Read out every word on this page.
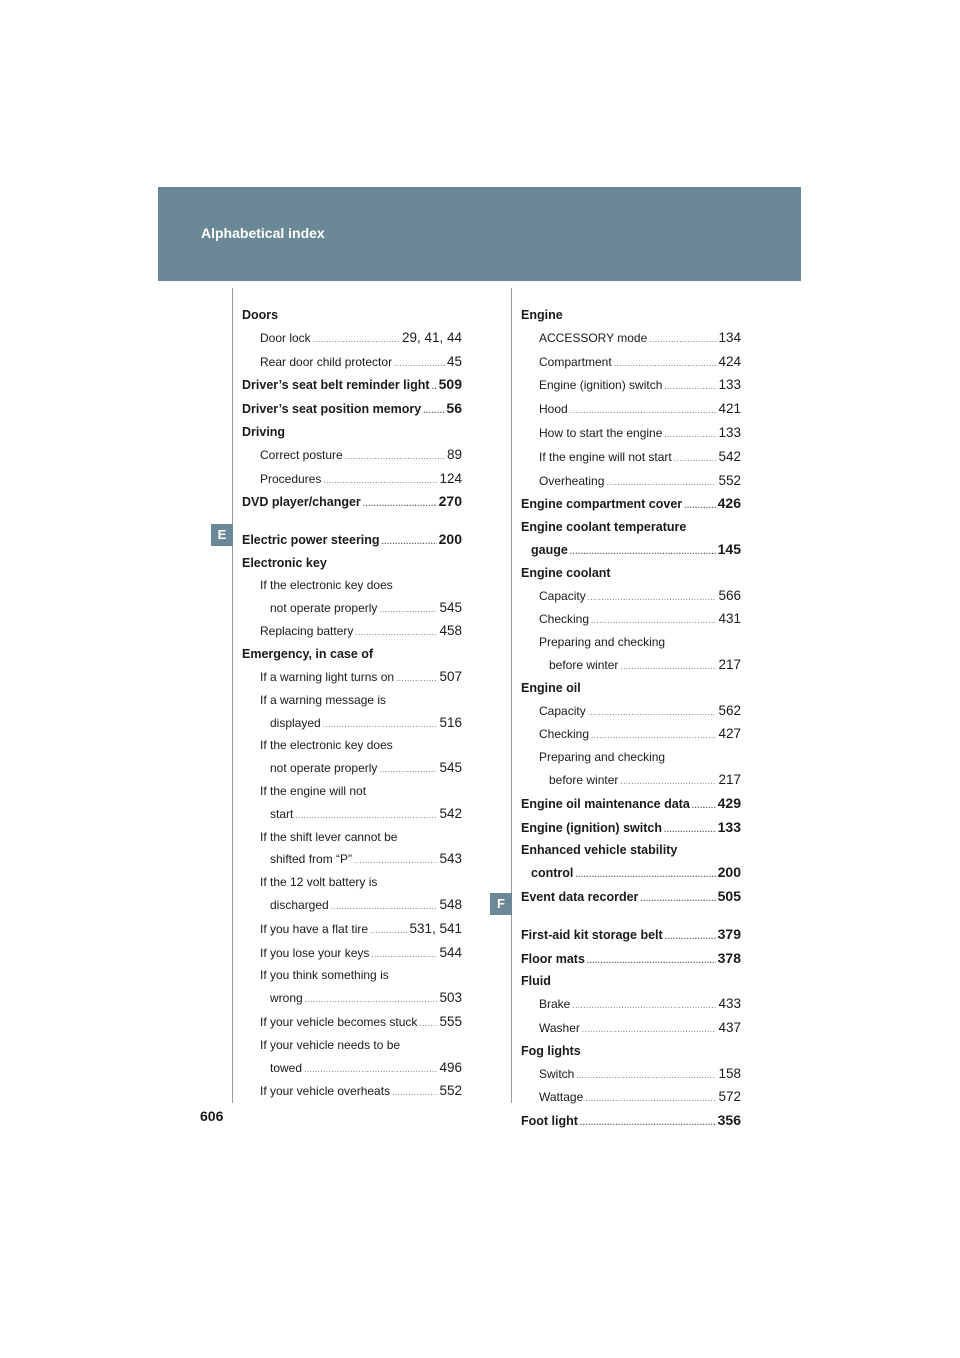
Alphabetical index
E
F
Doors
Door lock .....	29, 41, 44
Rear door child protector .....	45
Driver’s seat belt reminder light ..... 509
Driver’s seat position memory ..... 56
Driving
Correct posture .....	89
Procedures .....	124
DVD player/changer .....	270
Electric power steering .....	200
Electronic key
If the electronic key does
not operate properly .....	545
Replacing battery .....	458
Emergency, in case of
If a warning light turns on .....	507
If a warning message is
displayed .....	516
If the electronic key does
not operate properly .....	545
If the engine will not
start .....	542
If the shift lever cannot be
shifted from “P” .....	543
If the 12 volt battery is
discharged .....	548
If you have a flat tire .....	531, 541
If you lose your keys .....	544
If you think something is
wrong .....	503
If your vehicle becomes stuck ..... 555
If your vehicle needs to be
towed .....	496
If your vehicle overheats .....	552
Engine
ACCESSORY mode .....	134
Compartment .....	424
Engine (ignition) switch .....	133
Hood .....	421
How to start the engine .....	133
If the engine will not start .....	542
Overheating .....	552
Engine compartment cover .....	426
Engine coolant temperature
gauge .....	145
Engine coolant
Capacity .....	566
Checking .....	431
Preparing and checking
before winter .....	217
Engine oil
Capacity .....	562
Checking .....	427
Preparing and checking
before winter .....	217
Engine oil maintenance data ..... 429
Engine (ignition) switch .....	133
Enhanced vehicle stability
control .....	200
Event data recorder .....	505
First-aid kit storage belt .....	379
Floor mats .....	378
Fluid
Brake .....	433
Washer .....	437
Fog lights
Switch .....	158
Wattage .....	572
Foot light .....	356
606
